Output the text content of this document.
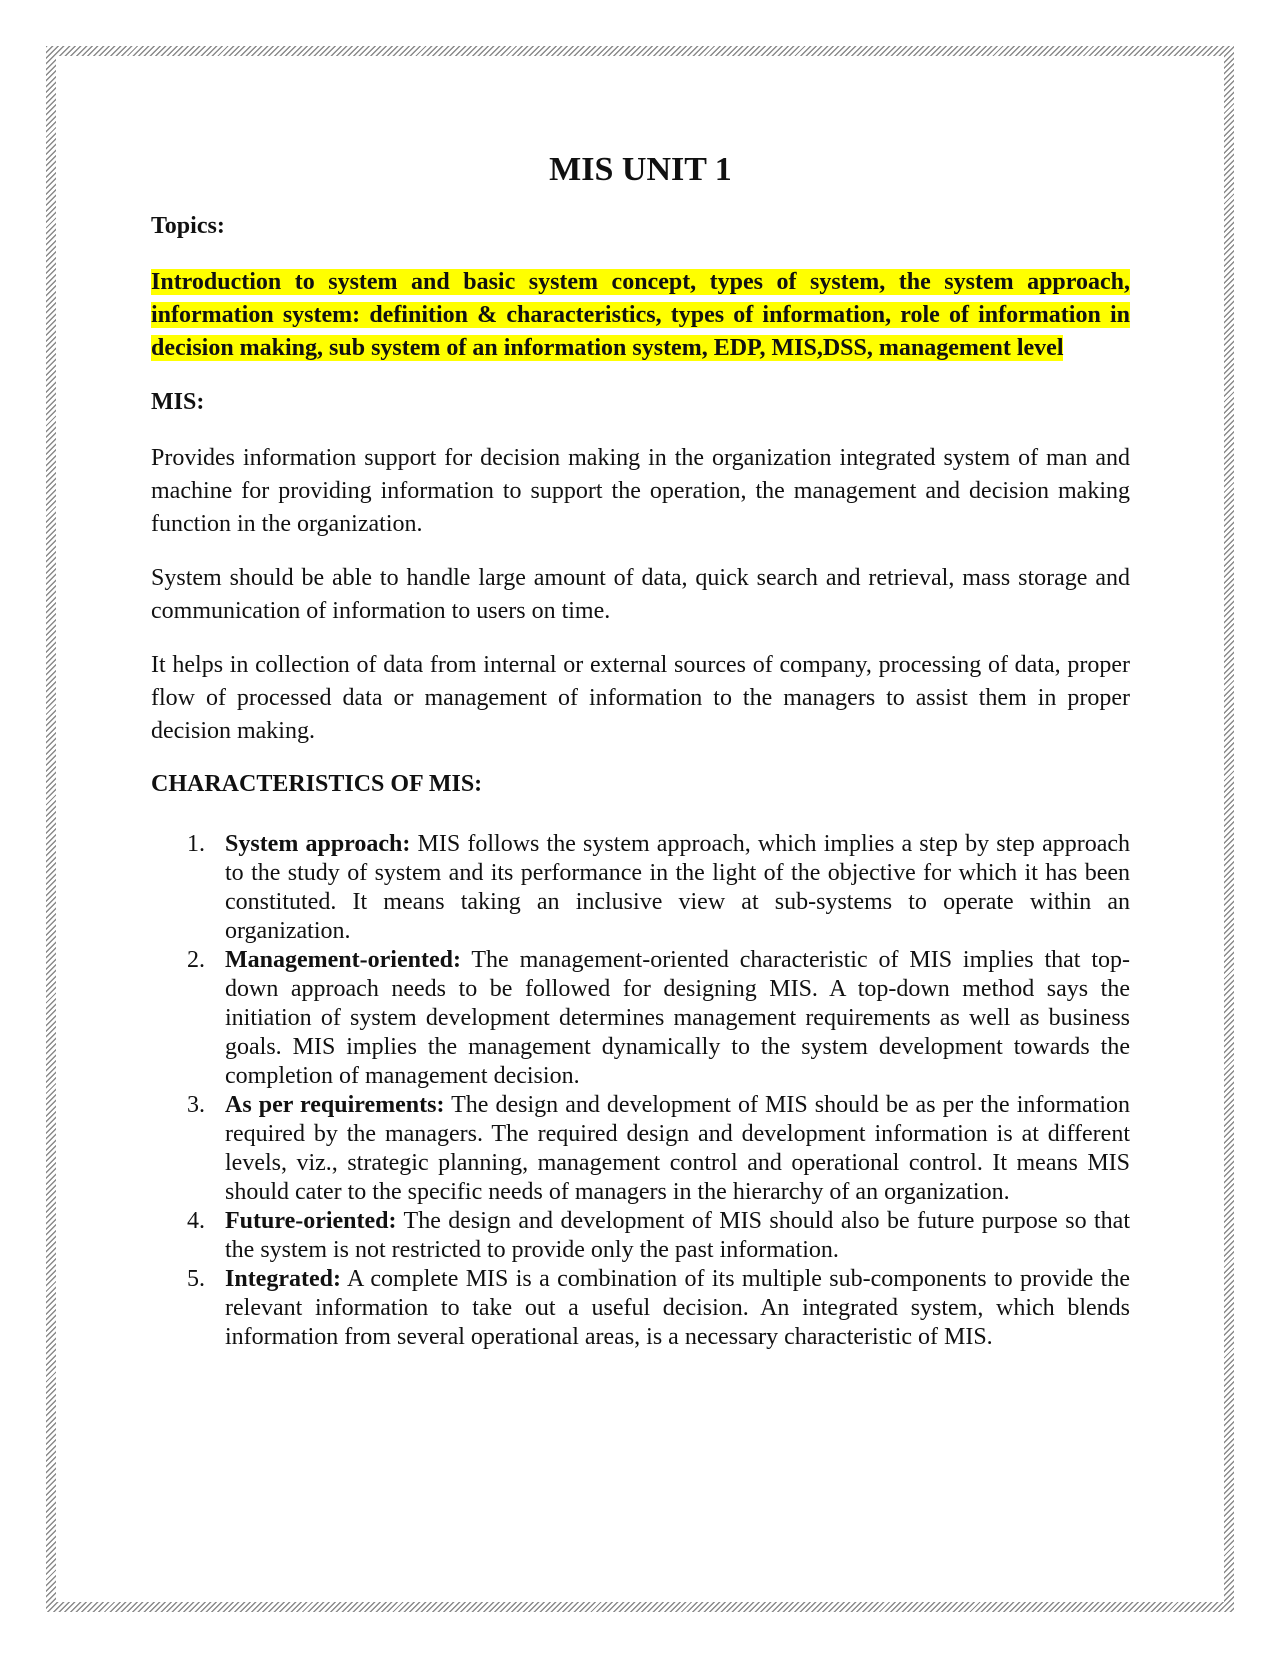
MIS UNIT 1
Topics:
Introduction to system and basic system concept, types of system, the system approach, information system: definition & characteristics, types of information, role of information in decision making, sub system of an information system, EDP, MIS,DSS, management level
MIS:

Provides information support for decision making in the organization integrated system of man and machine for providing information to support the operation, the management and decision making function in the organization.

System should be able to handle large amount of data, quick search and retrieval, mass storage and communication of information to users on time.

It helps in collection of data from internal or external sources of company, processing of data, proper flow of processed data or management of information to the managers to assist them in proper decision making.

CHARACTERISTICS OF MIS:
1. System approach: MIS follows the system approach, which implies a step by step approach to the study of system and its performance in the light of the objective for which it has been constituted. It means taking an inclusive view at sub-systems to operate within an organization.
2. Management-oriented: The management-oriented characteristic of MIS implies that top-down approach needs to be followed for designing MIS. A top-down method says the initiation of system development determines management requirements as well as business goals. MIS implies the management dynamically to the system development towards the completion of management decision.
3. As per requirements: The design and development of MIS should be as per the information required by the managers. The required design and development information is at different levels, viz., strategic planning, management control and operational control. It means MIS should cater to the specific needs of managers in the hierarchy of an organization.
4. Future-oriented: The design and development of MIS should also be future purpose so that the system is not restricted to provide only the past information.
5. Integrated: A complete MIS is a combination of its multiple sub-components to provide the relevant information to take out a useful decision. An integrated system, which blends information from several operational areas, is a necessary characteristic of MIS.
